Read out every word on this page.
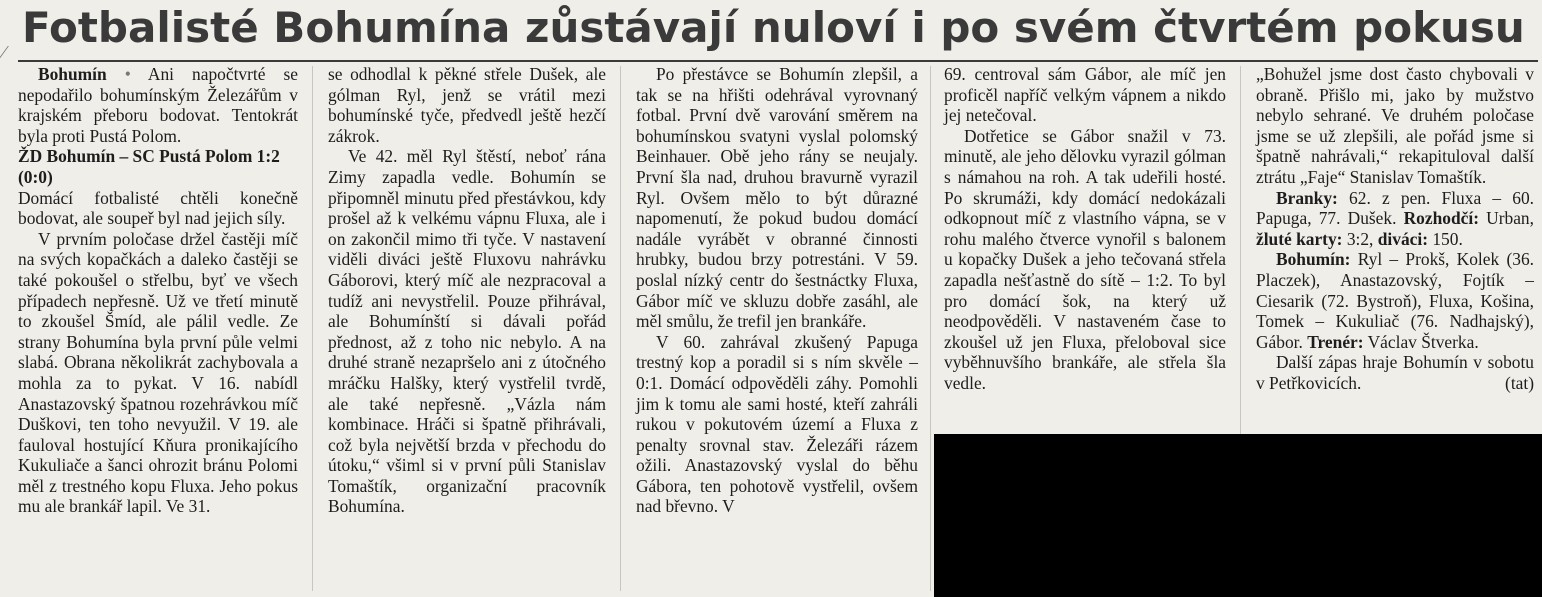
Fotbalisté Bohumína zůstávají nuloví i po svém čtvrtém pokusu
⁄

Bohumín • Ani napočtvrté se nepodařilo bohumínským Železářům v krajském přeboru bodovat. Tentokrát byla proti Pustá Polom.

ŽD Bohumín – SC Pustá Polom 1:2 (0:0)

Domácí fotbalisté chtěli konečně bodovat, ale soupeř byl nad jejich síly.

V prvním poločase držel častěji míč na svých kopačkách a daleko častěji se také pokoušel o střelbu, byť ve všech případech nepřesně. Už ve třetí minutě to zkoušel Šmíd, ale pálil vedle. Ze strany Bohumína byla první půle velmi slabá. Obrana několikrát zachybovala a mohla za to pykat. V 16. nabídl Anastazovský špatnou rozehrávkou míč Duškovi, ten toho nevyužil. V 19. ale fauloval hostující Kňura pronikajícího Kukuliače a šanci ohrozit bránu Polomi měl z trestného kopu Fluxa. Jeho pokus mu ale brankář lapil. Ve 31.

se odhodlal k pěkné střele Dušek, ale gólman Ryl, jenž se vrátil mezi bohumínské tyče, předvedl ještě hezčí zákrok.

Ve 42. měl Ryl štěstí, neboť rána Zimy zapadla vedle. Bohumín se připomněl minutu před přestávkou, kdy prošel až k velkému vápnu Fluxa, ale i on zakončil mimo tři tyče. V nastavení viděli diváci ještě Fluxovu nahrávku Gáborovi, který míč ale nezpracoval a tudíž ani nevystřelil. Pouze přihrával, ale Bohumínští si dávali pořád přednost, až z toho nic nebylo. A na druhé straně nezapršelo ani z útočného mráčku Halšky, který vystřelil tvrdě, ale také nepřesně. „Vázla nám kombinace. Hráči si špatně přihrávali, což byla největší brzda v přechodu do útoku,“ všiml si v první půli Stanislav Tomaštík, organizační pracovník Bohumína.

Po přestávce se Bohumín zlepšil, a tak se na hřišti odehrával vyrovnaný fotbal. První dvě varování směrem na bohumínskou svatyni vyslal polomský Beinhauer. Obě jeho rány se neujaly. První šla nad, druhou bravurně vyrazil Ryl. Ovšem mělo to být důrazné napomenutí, že pokud budou domácí nadále vyrábět v obranné činnosti hrubky, budou brzy potrestáni. V 59. poslal nízký centr do šestnáctky Fluxa, Gábor míč ve skluzu dobře zasáhl, ale měl smůlu, že trefil jen brankáře.

V 60. zahrával zkušený Papuga trestný kop a poradil si s ním skvěle – 0:1. Domácí odpověděli záhy. Pomohli jim k tomu ale sami hosté, kteří zahráli rukou v pokutovém území a Fluxa z penalty srovnal stav. Železáři rázem ožili. Anastazovský vyslal do běhu Gábora, ten pohotově vystřelil, ovšem nad břevno. V

69. centroval sám Gábor, ale míč jen proficěl napříč velkým vápnem a nikdo jej netečoval.

Dotřetice se Gábor snažil v 73. minutě, ale jeho dělovku vyrazil gólman s námahou na roh. A tak udeřili hosté. Po skrumáži, kdy domácí nedokázali odkopnout míč z vlastního vápna, se v rohu malého čtverce vynořil s balonem u kopačky Dušek a jeho tečovaná střela zapadla nešťastně do sítě – 1:2. To byl pro domácí šok, na který už neodpověděli. V nastaveném čase to zkoušel už jen Fluxa, přeloboval sice vyběhnuvšího brankáře, ale střela šla vedle.

„Bohužel jsme dost často chybovali v obraně. Přišlo mi, jako by mužstvo nebylo sehrané. Ve druhém poločase jsme se už zlepšili, ale pořád jsme si špatně nahrávali,“ rekapituloval další ztrátu „Faje“ Stanislav Tomaštík.

Branky: 62. z pen. Fluxa – 60. Papuga, 77. Dušek. Rozhodčí: Urban, žluté karty: 3:2, diváci: 150.

Bohumín: Ryl – Prokš, Kolek (36. Placzek), Anastazovský, Fojtík – Ciesarik (72. Bystroň), Fluxa, Košina, Tomek – Kukuliač (76. Nadhajský), Gábor. Trenér: Václav Štverka.

Další zápas hraje Bohumín v sobotu v Petřkovicích.	(tat)
